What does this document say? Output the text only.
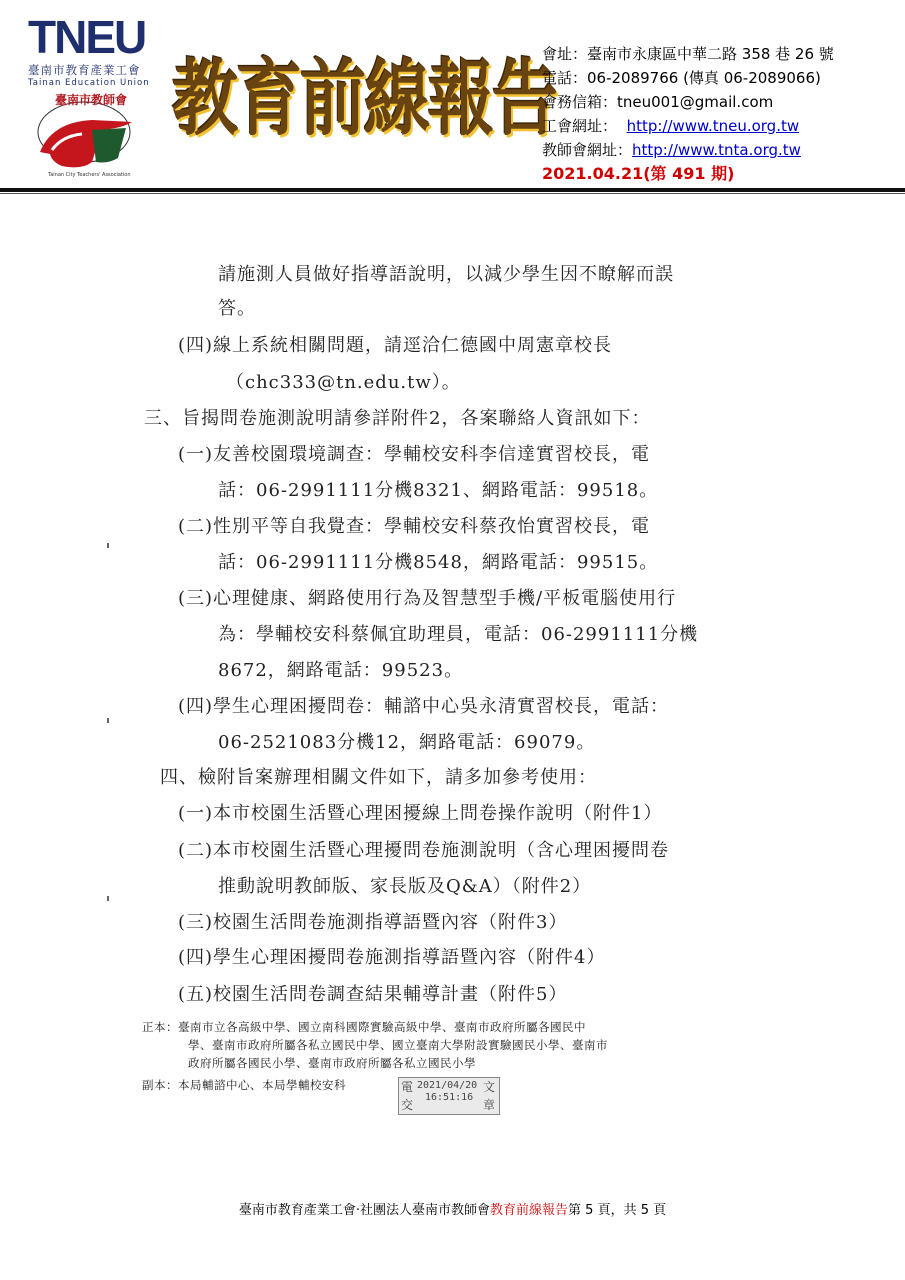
TNEU
臺南市教育產業工會
Tainan Education Union
臺南市教師會
Tainan City Teachers' Association
教育前線報告
會址：臺南市永康區中華二路 358 巷 26 號
電話：06-2089766 (傳真 06-2089066)
會務信箱：tneu001@gmail.com
工會網址： http://www.tneu.org.tw
教師會網址：http://www.tnta.org.tw
2021.04.21(第 491 期)
請施測人員做好指導語說明，以減少學生因不瞭解而誤
答。
(四)線上系統相關問題，請逕洽仁德國中周憲章校長
（chc333@tn.edu.tw）。
三、旨揭問卷施測說明請參詳附件2，各案聯絡人資訊如下：
(一)友善校園環境調查：學輔校安科李信達實習校長，電
話：06-2991111分機8321、網路電話：99518。
(二)性別平等自我覺查：學輔校安科蔡孜怡實習校長，電
話：06-2991111分機8548，網路電話：99515。
(三)心理健康、網路使用行為及智慧型手機/平板電腦使用行
為：學輔校安科蔡佩宜助理員，電話：06-2991111分機
8672，網路電話：99523。
(四)學生心理困擾問卷：輔諮中心吳永清實習校長，電話：
06-2521083分機12，網路電話：69079。
四、檢附旨案辦理相關文件如下，請多加參考使用：
(一)本市校園生活暨心理困擾線上問卷操作說明（附件1）
(二)本市校園生活暨心理擾問卷施測說明（含心理困擾問卷
推動說明教師版、家長版及Q&A）（附件2）
(三)校園生活問卷施測指導語暨內容（附件3）
(四)學生心理困擾問卷施測指導語暨內容（附件4）
(五)校園生活問卷調查結果輔導計畫（附件5）
正本：臺南市立各高級中學、國立南科國際實驗高級中學、臺南市政府所屬各國民中
學、臺南市政府所屬各私立國民中學、國立臺南大學附設實驗國民小學、臺南市
政府所屬各國民小學、臺南市政府所屬各私立國民小學
副本：本局輔諮中心、本局學輔校安科	電
交
2021/04/20
16:51:16
文
章
臺南市教育產業工會‧社團法人臺南市教師會教育前線報告第 5 頁，共 5 頁
